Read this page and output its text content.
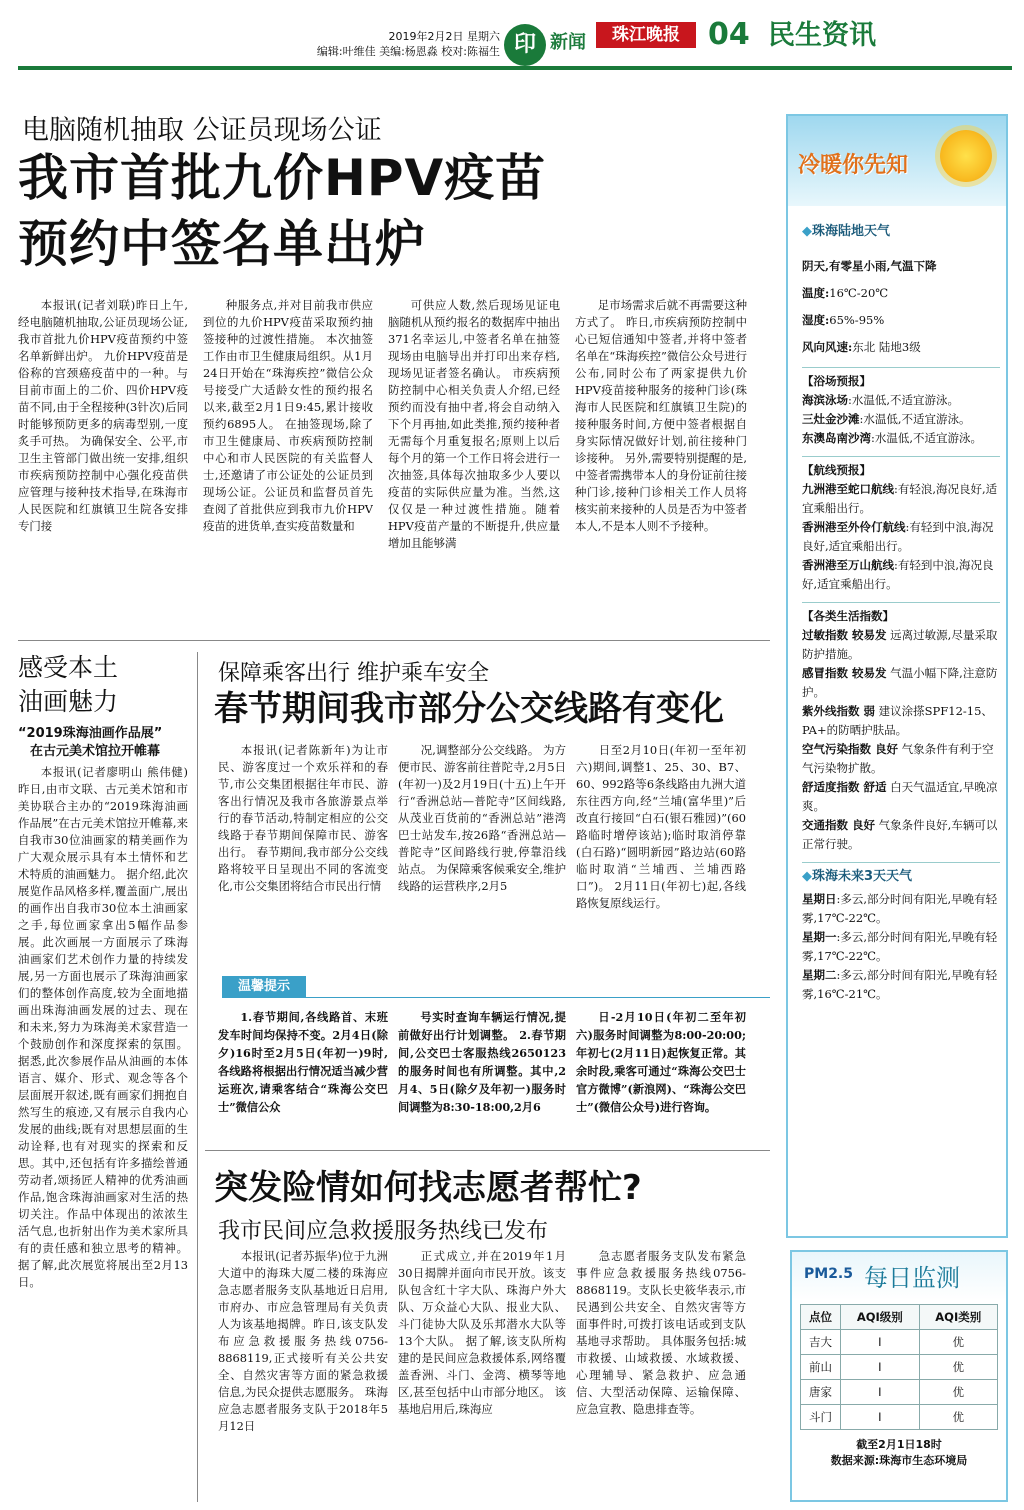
2019年2月2日 星期六
编辑:叶维佳 美编:杨恩淼 校对:陈福生 印 新闻	珠江晚报 04 民生资讯
电脑随机抽取 公证员现场公证
我市首批九价HPV疫苗
预约中签名单出炉
本报讯(记者刘联)昨日上午,经电脑随机抽取,公证员现场公证,我市首批九价HPV疫苗预约中签名单新鲜出炉。 九价HPV疫苗是俗称的宫颈癌疫苗中的一种。与目前市面上的二价、四价HPV疫苗不同,由于全程接种(3针次)后同时能够预防更多的病毒型别,一度炙手可热。 为确保安全、公平,市卫生主管部门做出统一安排,组织市疾病预防控制中心强化疫苗供应管理与接种技术指导,在珠海市人民医院和红旗镇卫生院各安排专门接
种服务点,并对目前我市供应到位的九价HPV疫苗采取预约抽签接种的过渡性措施。 本次抽签工作由市卫生健康局组织。从1月24日开始在“珠海疾控”微信公众号接受广大适龄女性的预约报名以来,截至2月1日9:45,累计接收预约6895人。 在抽签现场,除了市卫生健康局、市疾病预防控制中心和市人民医院的有关监督人士,还邀请了市公证处的公证员到现场公证。公证员和监督员首先查阅了首批供应到我市九价HPV疫苗的进货单,查实疫苗数量和
可供应人数,然后现场见证电脑随机从预约报名的数据库中抽出371名幸运儿,中签者名单在抽签现场由电脑导出并打印出来存档,现场见证者签名确认。 市疾病预防控制中心相关负责人介绍,已经预约而没有抽中者,将会自动纳入下个月再抽,如此类推,预约接种者无需每个月重复报名;原则上以后每个月的第一个工作日将会进行一次抽签,具体每次抽取多少人要以疫苗的实际供应量为准。当然,这仅仅是一种过渡性措施。随着HPV疫苗产量的不断提升,供应量增加且能够满
足市场需求后就不再需要这种方式了。 昨日,市疾病预防控制中心已短信通知中签者,并将中签者名单在“珠海疾控”微信公众号进行公布,同时公布了两家提供九价HPV疫苗接种服务的接种门诊(珠海市人民医院和红旗镇卫生院)的接种服务时间,方便中签者根据自身实际情况做好计划,前往接种门诊接种。 另外,需要特别提醒的是,中签者需携带本人的身份证前往接种门诊,接种门诊相关工作人员将核实前来接种的人员是否为中签者本人,不是本人则不予接种。
感受本土
油画魅力
“2019珠海油画作品展”
在古元美术馆拉开帷幕
本报讯(记者廖明山 熊伟健)昨日,由市文联、古元美术馆和市美协联合主办的“2019珠海油画作品展”在古元美术馆拉开帷幕,来自我市30位油画家的精美画作为广大观众展示具有本土情怀和艺术特质的油画魅力。 据介绍,此次展览作品风格多样,覆盖面广,展出的画作出自我市30位本土油画家之手,每位画家拿出5幅作品参展。此次画展一方面展示了珠海油画家们艺术创作力量的持续发展,另一方面也展示了珠海油画家们的整体创作高度,较为全面地描画出珠海油画发展的过去、现在和未来,努力为珠海美术家营造一个鼓励创作和深度探索的氛围。 据悉,此次参展作品从油画的本体语言、媒介、形式、观念等各个层面展开叙述,既有画家们拥抱自然写生的痕迹,又有展示自我内心发展的曲线;既有对思想层面的生动诠释,也有对现实的探索和反思。其中,还包括有许多描绘普通劳动者,颂扬匠人精神的优秀油画作品,饱含珠海油画家对生活的热切关注。作品中体现出的浓浓生活气息,也折射出作为美术家所具有的责任感和独立思考的精神。 据了解,此次展览将展出至2月13日。
保障乘客出行 维护乘车安全
春节期间我市部分公交线路有变化
本报讯(记者陈新年)为让市民、游客度过一个欢乐祥和的春节,市公交集团根据往年市民、游客出行情况及我市各旅游景点举行的春节活动,特制定相应的公交线路于春节期间保障市民、游客出行。 春节期间,我市部分公交线路将较平日呈现出不同的客流变化,市公交集团将结合市民出行情
况,调整部分公交线路。 为方便市民、游客前往普陀寺,2月5日(年初一)及2月19日(十五)上午开行“香洲总站—普陀寺”区间线路,从茂业百货前的“香洲总站”港湾巴士站发车,按26路“香洲总站—普陀寺”区间路线行驶,停靠沿线站点。 为保障乘客候乘安全,维护线路的运营秩序,2月5
日至2月10日(年初一至年初六)期间,调整1、25、30、B7、60、992路等6条线路由九洲大道东往西方向,经“兰埔(富华里)”后改直行接回“白石(银石雅园)”(60路临时增停该站);临时取消停靠(白石路)“圆明新园”路边站(60路临时取消“兰埔西、兰埔西路口”)。 2月11日(年初七)起,各线路恢复原线运行。
温馨提示
1.春节期间,各线路首、末班发车时间均保持不变。2月4日(除夕)16时至2月5日(年初一)9时,各线路将根据出行情况适当减少营运班次,请乘客结合“珠海公交巴士”微信公众
号实时查询车辆运行情况,提前做好出行计划调整。 2.春节期间,公交巴士客服热线2650123的服务时间也有所调整。其中,2月4、5日(除夕及年初一)服务时间调整为8:30-18:00,2月6
日-2月10日(年初二至年初六)服务时间调整为8:00-20:00;年初七(2月11日)起恢复正常。其余时段,乘客可通过“珠海公交巴士官方微博”(新浪网)、“珠海公交巴士”(微信公众号)进行咨询。
突发险情如何找志愿者帮忙?
我市民间应急救援服务热线已发布
本报讯(记者苏振华)位于九洲大道中的海珠大厦二楼的珠海应急志愿者服务支队基地近日启用,市府办、市应急管理局有关负责人为该基地揭牌。昨日,该支队发布应急救援服务热线0756-8868119,正式接听有关公共安全、自然灾害等方面的紧急救援信息,为民众提供志愿服务。 珠海应急志愿者服务支队于2018年5月12日
正式成立,并在2019年1月30日揭牌并面向市民开放。该支队包含红十字大队、珠海户外大队、万众益心大队、报业大队、斗门徒协大队及乐邦潜水大队等13个大队。 据了解,该支队所构建的是民间应急救援体系,网络覆盖香洲、斗门、金湾、横琴等地区,甚至包括中山市部分地区。 该基地启用后,珠海应
急志愿者服务支队发布紧急事件应急救援服务热线0756-8868119。支队长史筱华表示,市民遇到公共安全、自然灾害等方面事件时,可拨打该电话或到支队基地寻求帮助。 具体服务包括:城市救援、山域救援、水域救援、心理辅导、紧急救护、应急通信、大型活动保障、运输保障、应急宣教、隐患排查等。
冷暖你先知
◆珠海陆地天气
阴天,有零星小雨,气温下降
温度:16℃-20℃
湿度:65%-95%
风向风速:东北 陆地3级
【浴场预报】
海滨泳场:水温低,不适宜游泳。
三灶金沙滩:水温低,不适宜游泳。
东澳岛南沙湾:水温低,不适宜游泳。
【航线预报】
九洲港至蛇口航线:有轻浪,海况良好,适宜乘船出行。
香洲港至外伶仃航线:有轻到中浪,海况良好,适宜乘船出行。
香洲港至万山航线:有轻到中浪,海况良好,适宜乘船出行。
【各类生活指数】
过敏指数 较易发 远离过敏源,尽量采取防护措施。
感冒指数 较易发 气温小幅下降,注意防护。
紫外线指数 弱 建议涂搽SPF12-15、PA+的防晒护肤品。
空气污染指数 良好 气象条件有利于空气污染物扩散。
舒适度指数 舒适 白天气温适宜,早晚凉爽。
交通指数 良好 气象条件良好,车辆可以正常行驶。
◆珠海未来3天天气
星期日:多云,部分时间有阳光,早晚有轻雾,17℃-22℃。
星期一:多云,部分时间有阳光,早晚有轻雾,17℃-22℃。
星期二:多云,部分时间有阳光,早晚有轻雾,16℃-21℃。
PM2.5 每日监测
点位	AQI级别	AQI类别
吉大	Ⅰ	优
前山	Ⅰ	优
唐家	Ⅰ	优
斗门	Ⅰ	优
截至2月1日18时
数据来源:珠海市生态环境局
